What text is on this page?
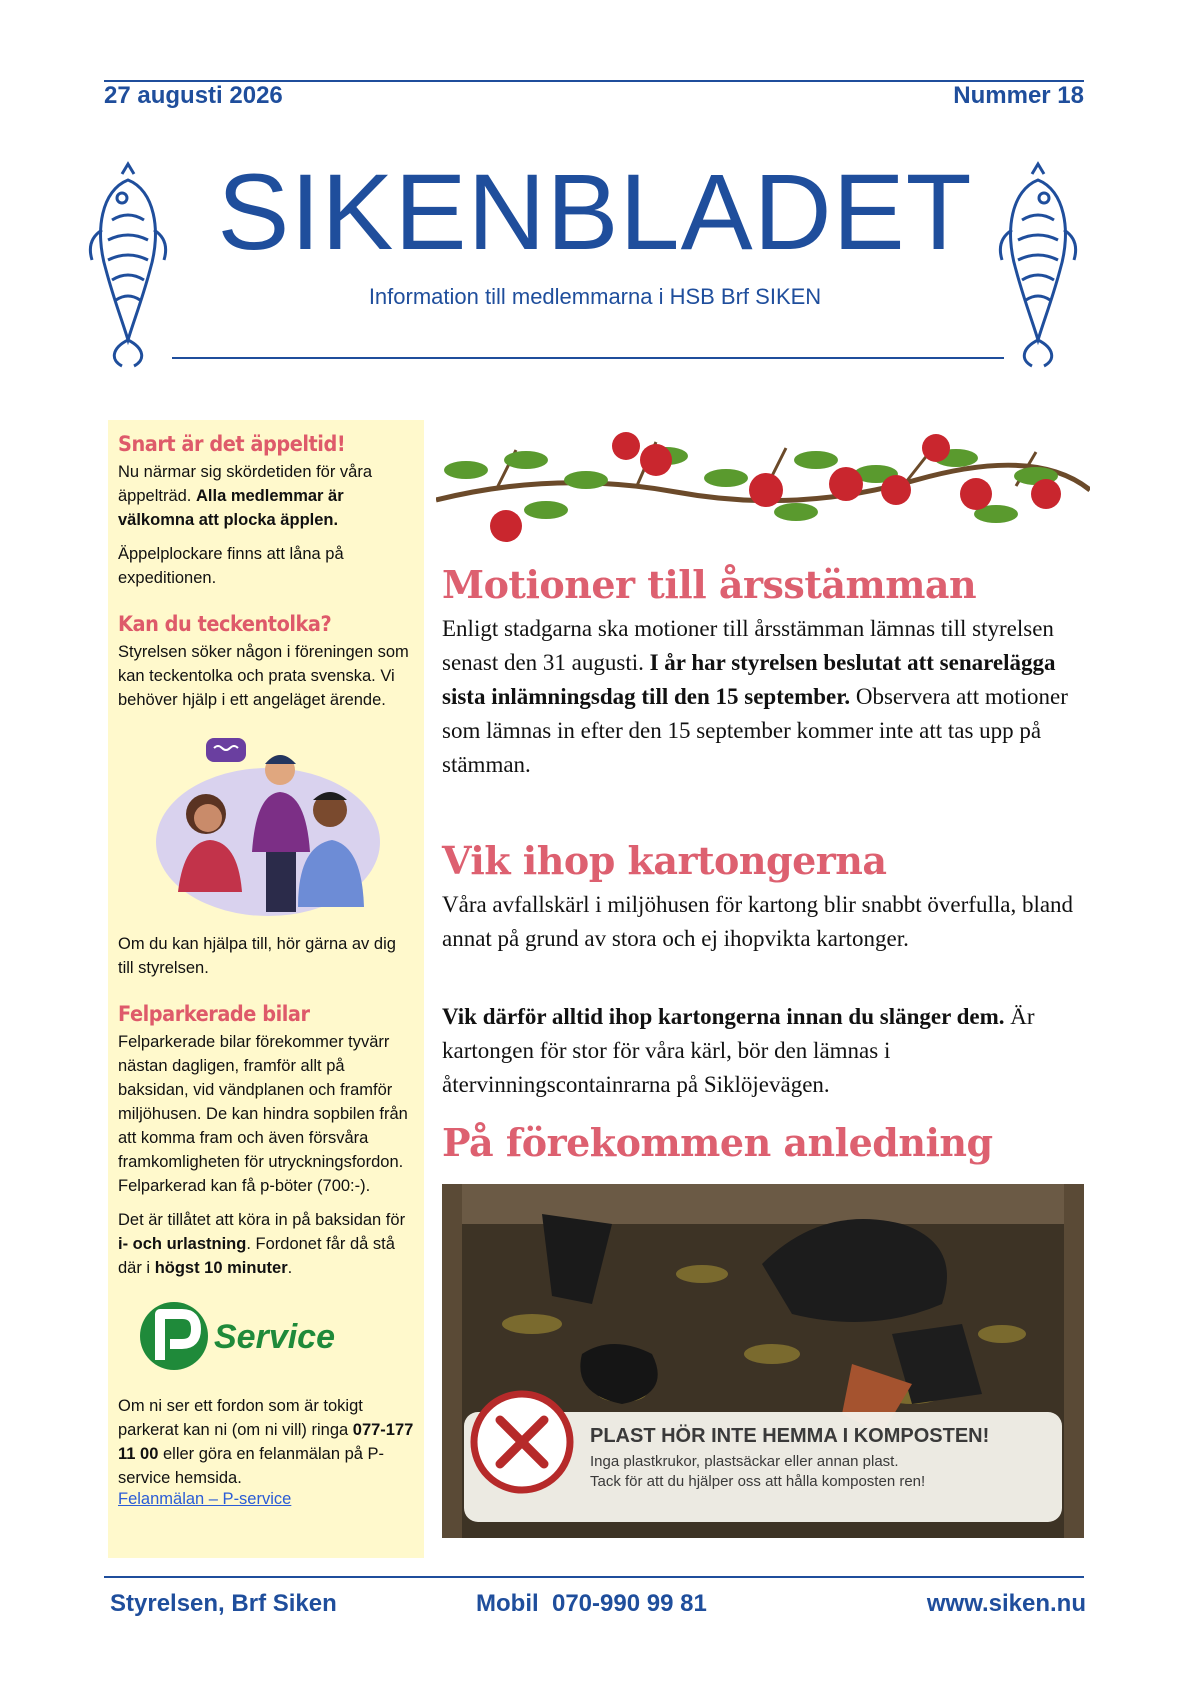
27 augusti 2026	Nummer 18
SIKENBLADET
Information till medlemmarna i HSB Brf SIKEN
Snart är det äppeltid!

Nu närmar sig skördetiden för våra äppelträd. Alla medlemmar är välkomna att plocka äpplen.

Äppelplockare finns att låna på expeditionen.

Kan du teckentolka?

Styrelsen söker någon i föreningen som kan teckentolka och prata svenska. Vi behöver hjälp i ett angeläget ärende.

Om du kan hjälpa till, hör gärna av dig till styrelsen.

Felparkerade bilar

Felparkerade bilar förekommer tyvärr nästan dagligen, framför allt på baksidan, vid vändplanen och framför miljöhusen. De kan hindra sopbilen från att komma fram och även försvåra framkomligheten för utryckningsfordon. Felparkerad kan få p-böter (700:-).

Det är tillåtet att köra in på baksidan för i- och urlastning. Fordonet får då stå där i högst 10 minuter.

Service

Om ni ser ett fordon som är tokigt parkerat kan ni (om ni vill) ringa 077-177 11 00 eller göra en felanmälan på P-service hemsida.

Felanmälan – P-service
Motioner till årsstämman

Enligt stadgarna ska motioner till årsstämman lämnas till styrelsen senast den 31 augusti. I år har styrelsen beslutat att senarelägga sista inlämningsdag till den 15 september. Observera att motioner som lämnas in efter den 15 september kommer inte att tas upp på stämman.

Vik ihop kartongerna

Våra avfallskärl i miljöhusen för kartong blir snabbt överfulla, bland annat på grund av stora och ej ihopvikta kartonger.

Vik därför alltid ihop kartongerna innan du slänger dem. Är kartongen för stor för våra kärl, bör den lämnas i återvinningscontainrarna på Siklöjevägen.

På förekommen anledning
PLAST HÖR INTE HEMMA I KOMPOSTEN!
Inga plastkrukor, plastsäckar eller annan plast.
Tack för att du hjälper oss att hålla komposten ren!
Styrelsen, Brf Siken	Mobil  070-990 99 81	www.siken.nu
